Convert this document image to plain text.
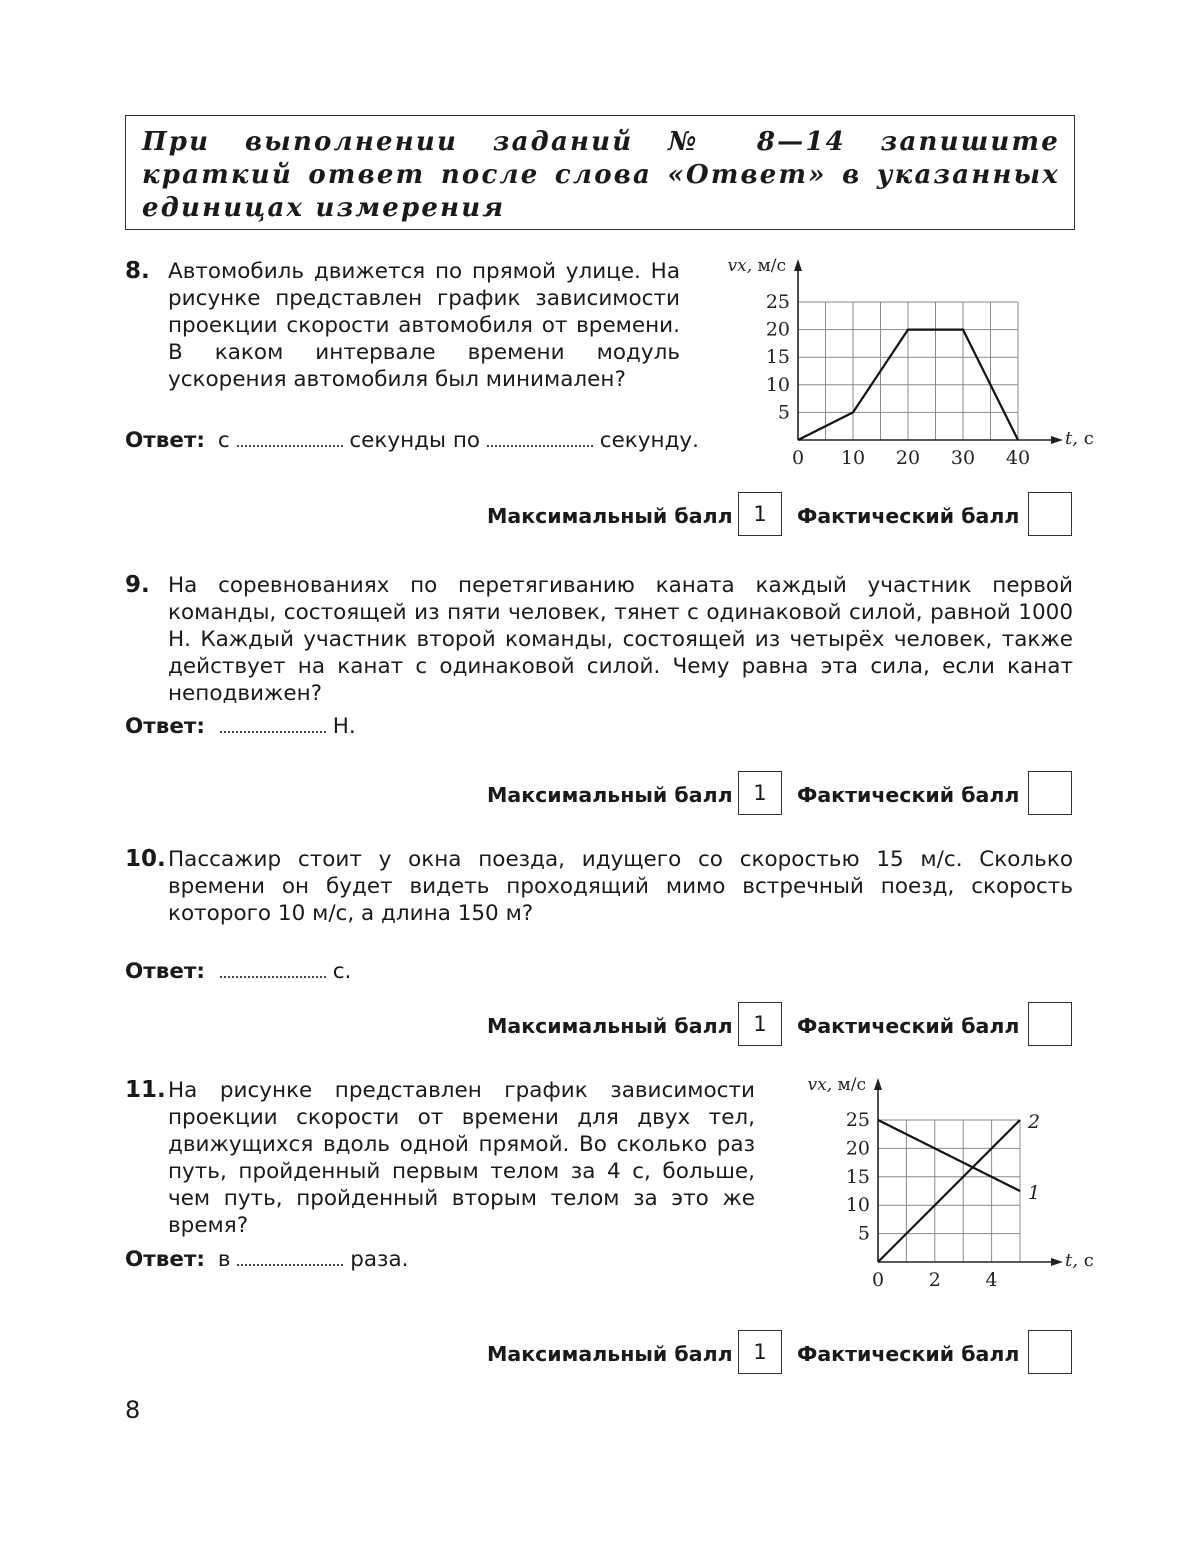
При выполнении заданий № 8—14 запишите краткий ответ после слова «Ответ» в указанных единицах измерения
8. Автомобиль движется по прямой улице. На рисунке представлен график зависимости проекции скорости автомобиля от времени. В каком интервале времени модуль ускорения автомобиля был минимален?
Ответ: с	секунды по	секунду.
0 10 20 30 40
5
10
15
20
25
vx, м/с
t, с
Максимальный балл 1	Фактический балл
9. На соревнованиях по перетягиванию каната каждый участник первой команды, состоящей из пяти человек, тянет с одинаковой силой, равной 1000 Н. Каждый участник второй команды, состоящей из четырёх человек, также действует на канат с одинаковой силой. Чему равна эта сила, если канат неподвижен?
Ответ:	Н.
Максимальный балл 1	Фактический балл
10. Пассажир стоит у окна поезда, идущего со скоростью 15 м/с. Сколько времени он будет видеть проходящий мимо встречный поезд, скорость которого 10 м/с, а длина 150 м?
Ответ:	с.
Максимальный балл 1	Фактический балл
11. На рисунке представлен график зависимости проекции скорости от времени для двух тел, движущихся вдоль одной прямой. Во сколько раз путь, пройденный первым телом за 4 с, больше, чем путь, пройденный вторым телом за это же время?
Ответ: в	раза.
0 2 4
5
10
15
20
25
vx, м/с
t, с
1
2
Максимальный балл 1	Фактический балл
8
